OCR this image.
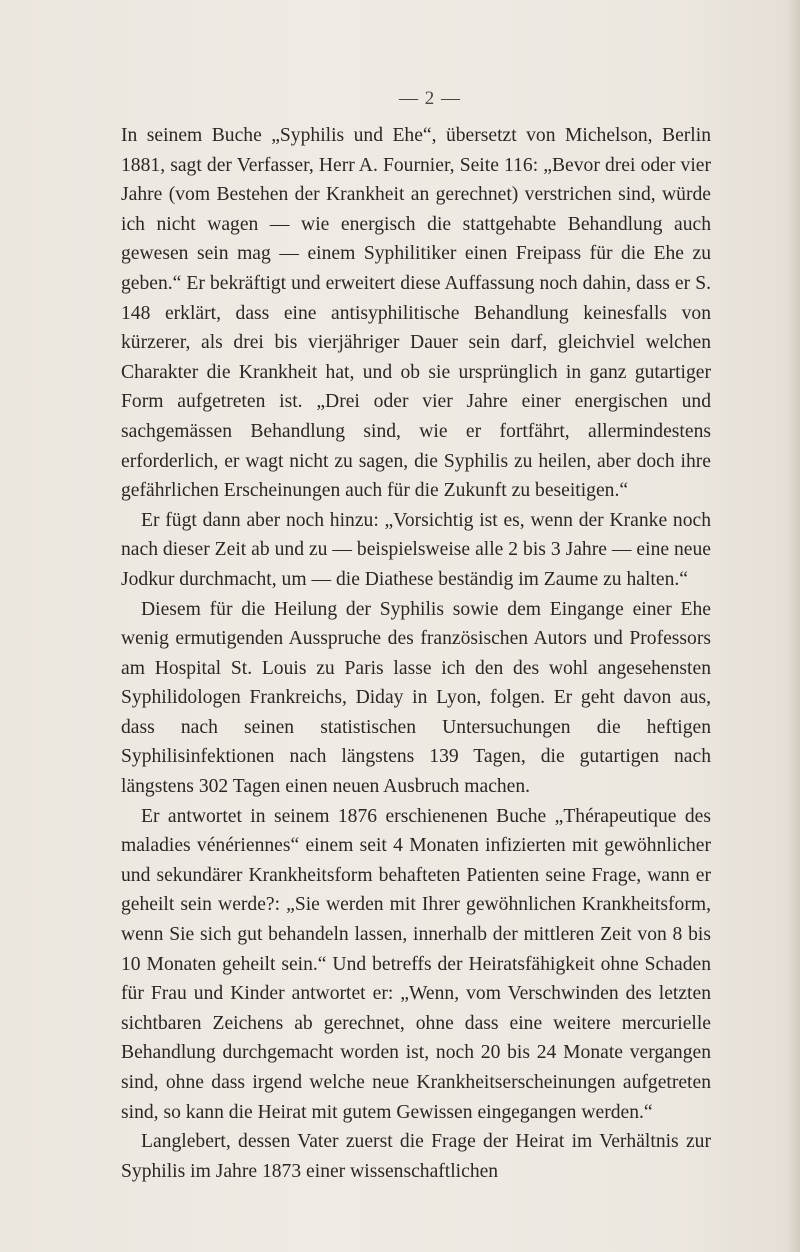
— 2 —

In seinem Buche „Syphilis und Ehe“, übersetzt von Michelson, Berlin 1881, sagt der Verfasser, Herr A. Fournier, Seite 116: „Bevor drei oder vier Jahre (vom Bestehen der Krankheit an gerechnet) verstrichen sind, würde ich nicht wagen — wie energisch die stattgehabte Behandlung auch gewesen sein mag — einem Syphilitiker einen Freipass für die Ehe zu geben.“ Er bekräftigt und erweitert diese Auffassung noch dahin, dass er S. 148 erklärt, dass eine antisyphilitische Behandlung keinesfalls von kürzerer, als drei bis vierjähriger Dauer sein darf, gleichviel welchen Charakter die Krankheit hat, und ob sie ursprünglich in ganz gutartiger Form aufgetreten ist. „Drei oder vier Jahre einer energischen und sachgemässen Behandlung sind, wie er fortfährt, allermindestens erforderlich, er wagt nicht zu sagen, die Syphilis zu heilen, aber doch ihre gefährlichen Erscheinungen auch für die Zukunft zu beseitigen.“

Er fügt dann aber noch hinzu: „Vorsichtig ist es, wenn der Kranke noch nach dieser Zeit ab und zu — beispielsweise alle 2 bis 3 Jahre — eine neue Jodkur durchmacht, um — die Diathese beständig im Zaume zu halten.“

Diesem für die Heilung der Syphilis sowie dem Eingange einer Ehe wenig ermutigenden Ausspruche des französischen Autors und Professors am Hospital St. Louis zu Paris lasse ich den des wohl angesehensten Syphilidologen Frankreichs, Diday in Lyon, folgen. Er geht davon aus, dass nach seinen statistischen Untersuchungen die heftigen Syphilisinfektionen nach längstens 139 Tagen, die gutartigen nach längstens 302 Tagen einen neuen Ausbruch machen.

Er antwortet in seinem 1876 erschienenen Buche „Thérapeutique des maladies vénériennes“ einem seit 4 Monaten infizierten mit gewöhnlicher und sekundärer Krankheitsform behafteten Patienten seine Frage, wann er geheilt sein werde?: „Sie werden mit Ihrer gewöhnlichen Krankheitsform, wenn Sie sich gut behandeln lassen, innerhalb der mittleren Zeit von 8 bis 10 Monaten geheilt sein.“ Und betreffs der Heiratsfähigkeit ohne Schaden für Frau und Kinder antwortet er: „Wenn, vom Verschwinden des letzten sichtbaren Zeichens ab gerechnet, ohne dass eine weitere mercurielle Behandlung durchgemacht worden ist, noch 20 bis 24 Monate vergangen sind, ohne dass irgend welche neue Krankheitserscheinungen aufgetreten sind, so kann die Heirat mit gutem Gewissen eingegangen werden.“

Langlebert, dessen Vater zuerst die Frage der Heirat im Verhältnis zur Syphilis im Jahre 1873 einer wissenschaftlichen
